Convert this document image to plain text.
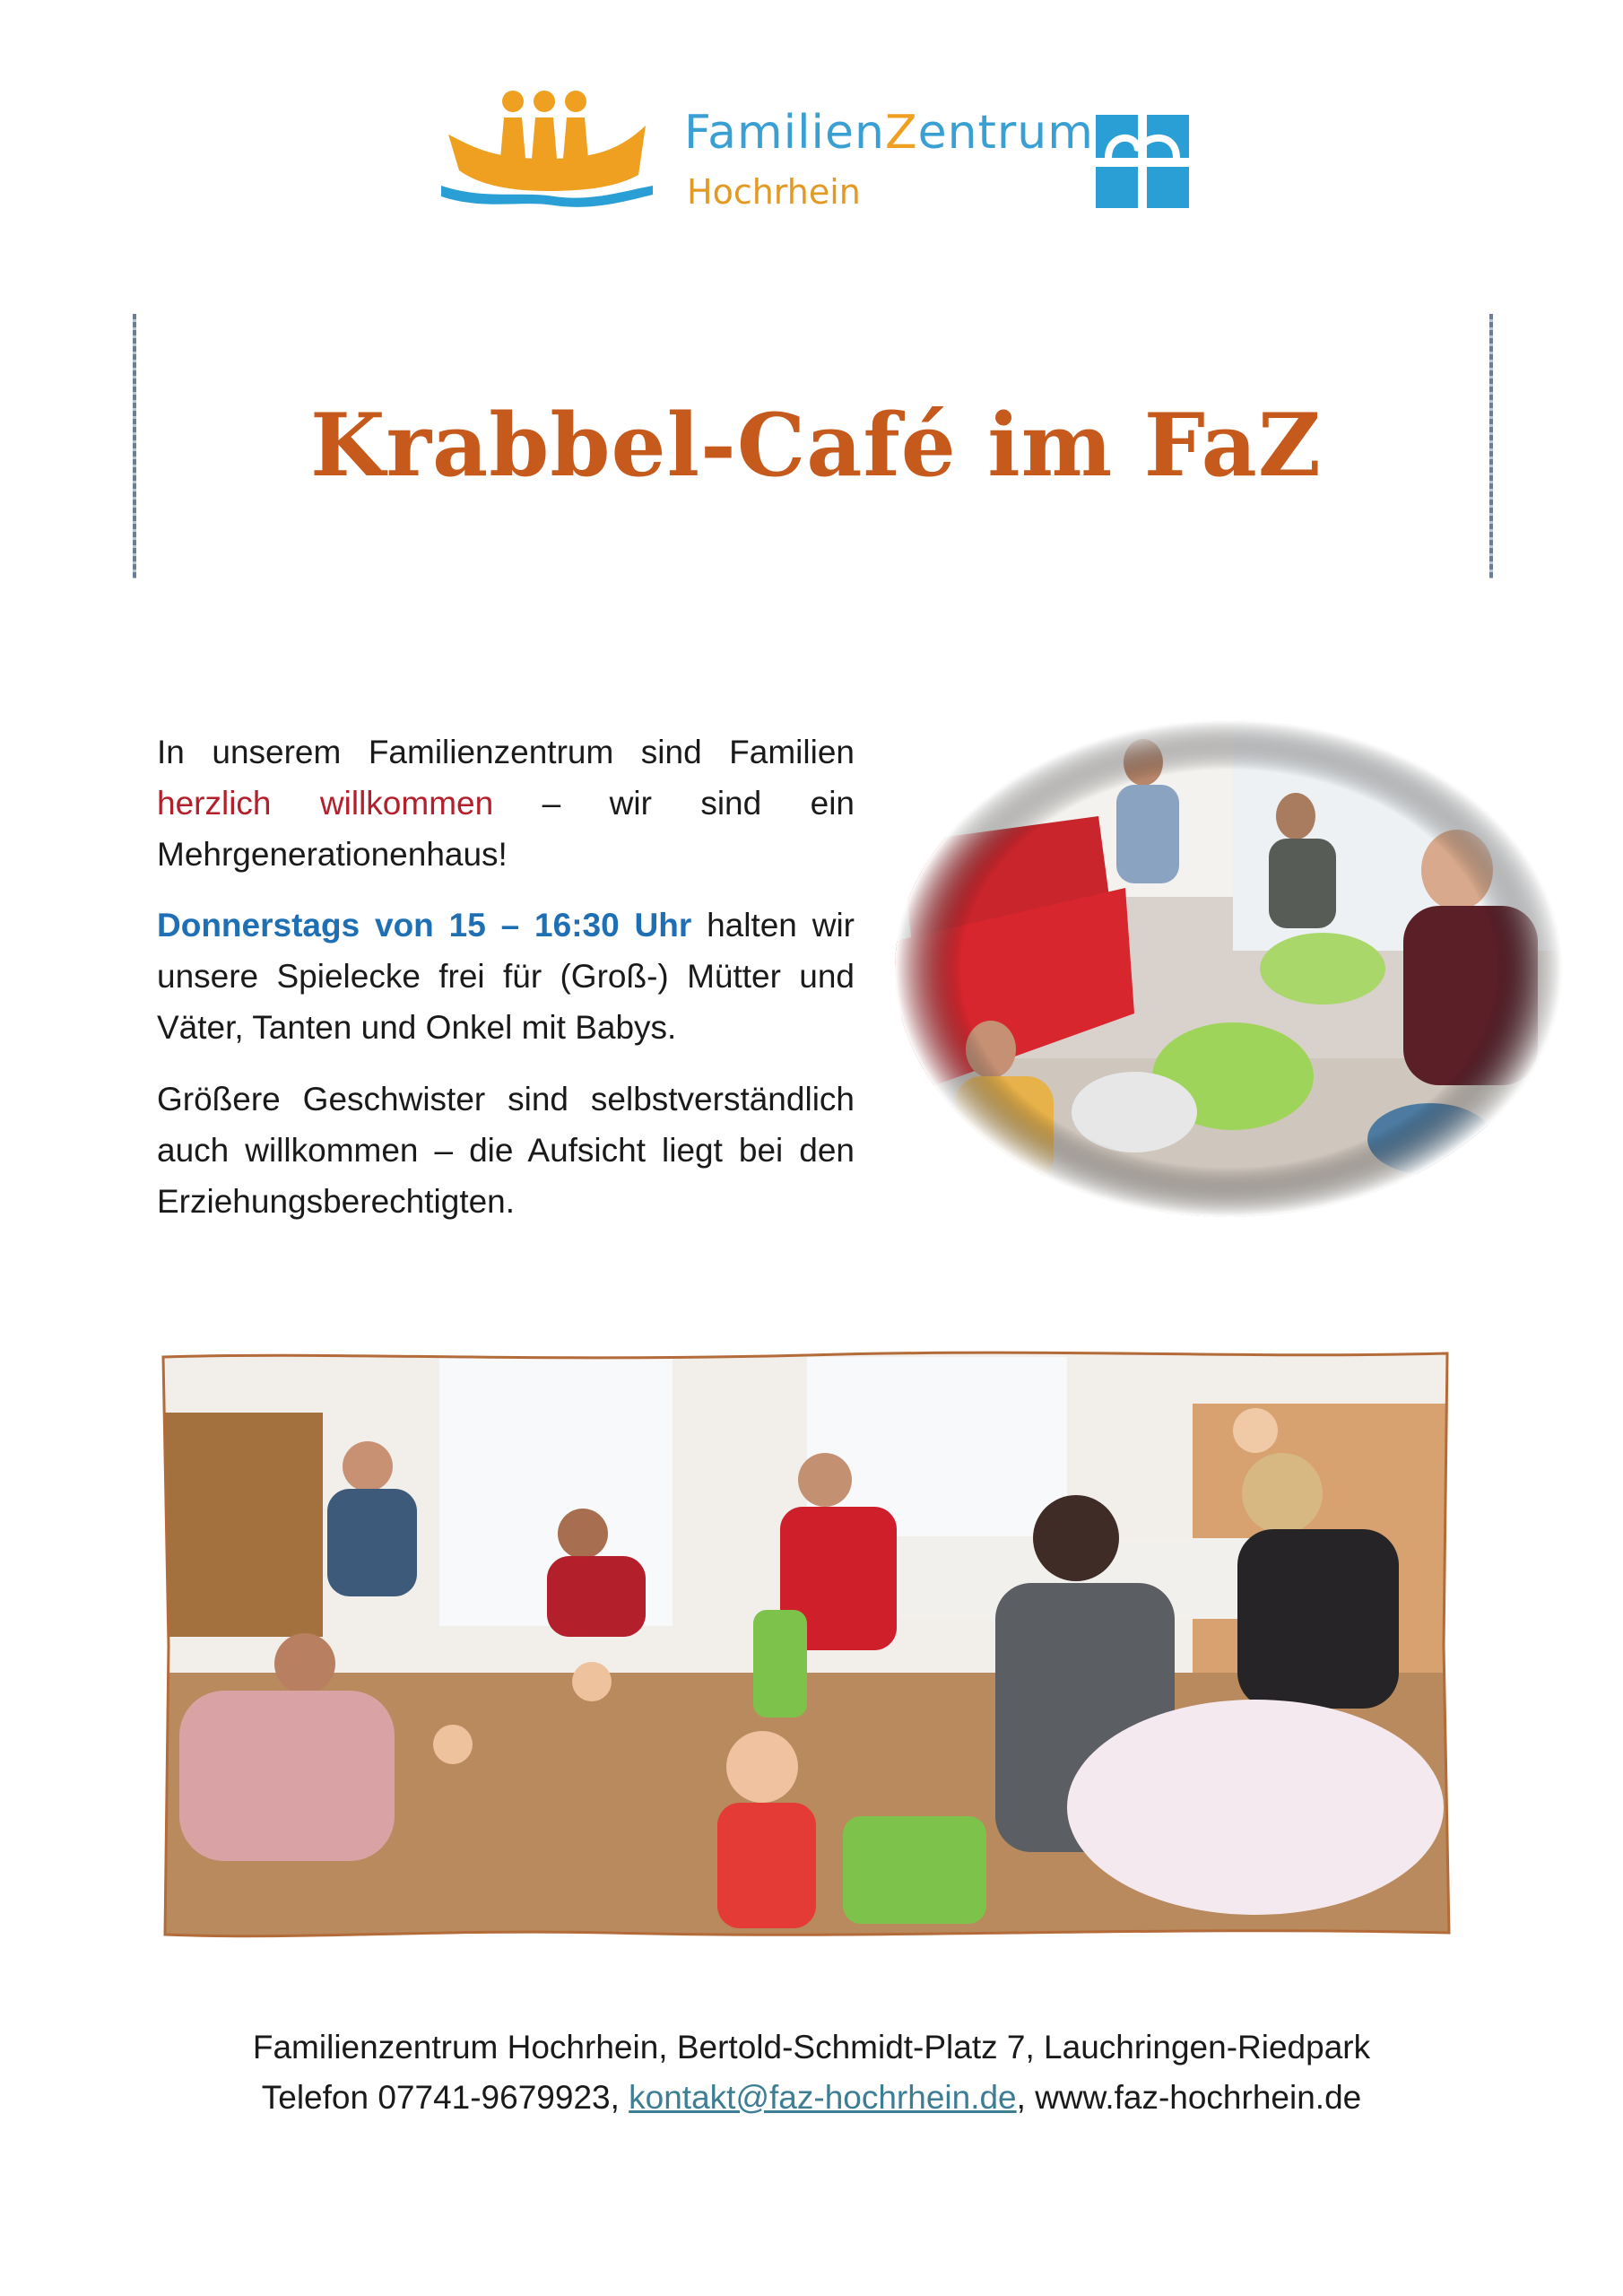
FamilienZentrum
Hochrhein
Krabbel-Café im FaZ
In unserem Familienzentrum sind Familien herzlich willkommen – wir sind ein Mehrgenerationenhaus!
Donnerstags von 15 – 16:30 Uhr halten wir unsere Spielecke frei für (Groß-) Mütter und Väter, Tanten und Onkel mit Babys.
Größere Geschwister sind selbstverständlich auch willkommen – die Aufsicht liegt bei den Erziehungsberechtigten.
Familienzentrum Hochrhein, Bertold-Schmidt-Platz 7, Lauchringen-Riedpark
Telefon 07741-9679923, kontakt@faz-hochrhein.de, www.faz-hochrhein.de
